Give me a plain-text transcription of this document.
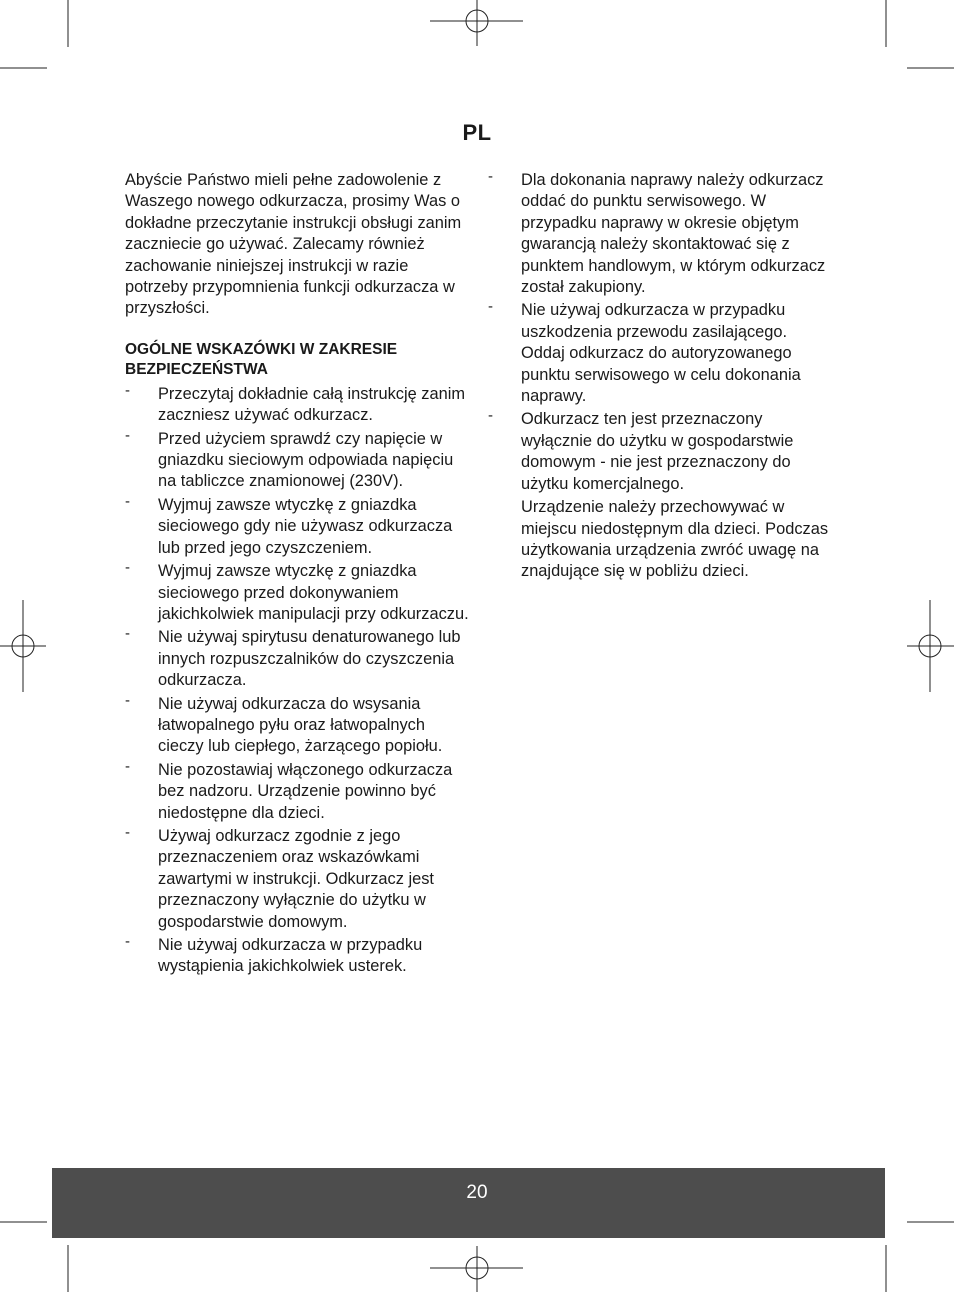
PL

Abyście Państwo mieli pełne zadowolenie z Waszego nowego odkurzacza, prosimy Was o dokładne przeczytanie instrukcji obsługi zanim zaczniecie go używać. Zalecamy również zachowanie niniejszej instrukcji w razie potrzeby przypomnienia funkcji odkurzacza w przyszłości.

OGÓLNE WSKAZÓWKI W ZAKRESIE BEZPIECZEŃSTWA
- Przeczytaj dokładnie całą instrukcję zanim zaczniesz używać odkurzacz.
- Przed użyciem sprawdź czy napięcie w gniazdku sieciowym odpowiada napięciu na tabliczce znamionowej (230V).
- Wyjmuj zawsze wtyczkę z gniazdka sieciowego gdy nie używasz odkurzacza lub przed jego czyszczeniem.
- Wyjmuj zawsze wtyczkę z gniazdka sieciowego przed dokonywaniem jakichkolwiek manipulacji przy odkurzaczu.
- Nie używaj spirytusu denaturowanego lub innych rozpuszczalników do czyszczenia odkurzacza.
- Nie używaj odkurzacza do wsysania łatwopalnego pyłu oraz łatwopalnych cieczy lub ciepłego, żarzącego popiołu.
- Nie pozostawiaj włączonego odkurzacza bez nadzoru. Urządzenie powinno być niedostępne dla dzieci.
- Używaj odkurzacz zgodnie z jego przeznaczeniem oraz wskazówkami zawartymi w instrukcji. Odkurzacz jest przeznaczony wyłącznie do użytku w gospodarstwie domowym.
- Nie używaj odkurzacza w przypadku wystąpienia jakichkolwiek usterek.
- Dla dokonania naprawy należy odkurzacz oddać do punktu serwisowego. W przypadku naprawy w okresie objętym gwarancją należy skontaktować się z punktem handlowym, w którym odkurzacz został zakupiony.
- Nie używaj odkurzacza w przypadku uszkodzenia przewodu zasilającego. Oddaj odkurzacz do autoryzowanego punktu serwisowego w celu dokonania naprawy.
- Odkurzacz ten jest przeznaczony wyłącznie do użytku w gospodarstwie domowym - nie jest przeznaczony do użytku komercjalnego.

Urządzenie należy przechowywać w miejscu niedostępnym dla dzieci. Podczas użytkowania urządzenia zwróć uwagę na znajdujące się w pobliżu dzieci.

20
